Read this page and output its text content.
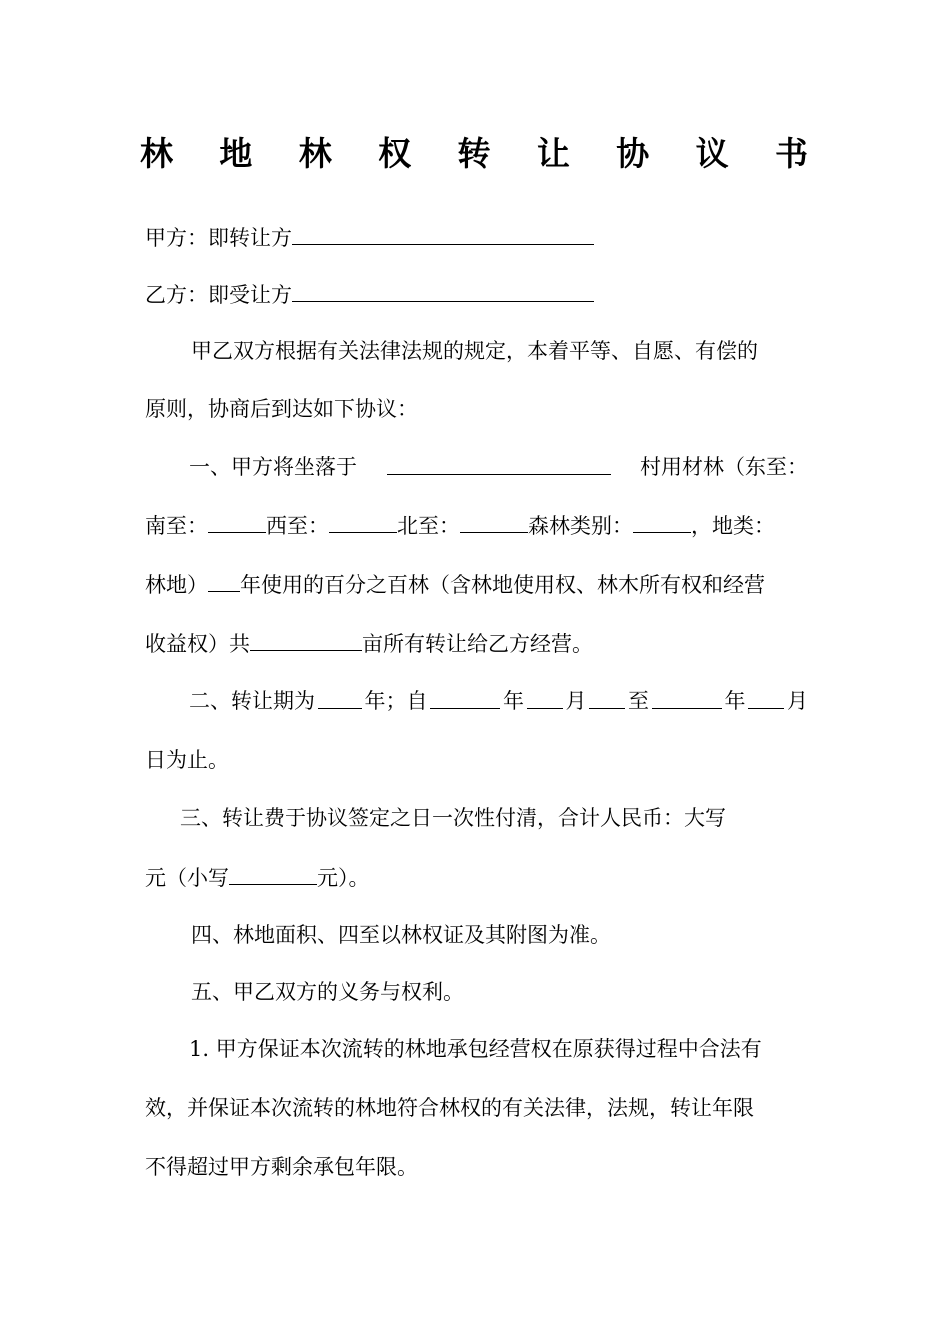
林 地 林 权 转 让 协 议 书
甲方：即转让方
乙方：即受让方
甲乙双方根据有关法律法规的规定，本着平等、自愿、有偿的
原则，协商后到达如下协议：
一、甲方将坐落于	村用材林（东至：
南至：	西至：	北至：	森林类别：	，地类：
林地） 年使用的百分之百林（含林地使用权、林木所有权和经营
收益权）共	亩所有转让给乙方经营。
二、转让期为 年；自	年 月 至	年 月
日为止。
三、转让费于协议签定之日一次性付清，合计人民币：大写
元（小写	元）。
四、林地面积、四至以林权证及其附图为准。
五、甲乙双方的义务与权利。
1. 甲方保证本次流转的林地承包经营权在原获得过程中合法有
效，并保证本次流转的林地符合林权的有关法律，法规，转让年限
不得超过甲方剩余承包年限。
